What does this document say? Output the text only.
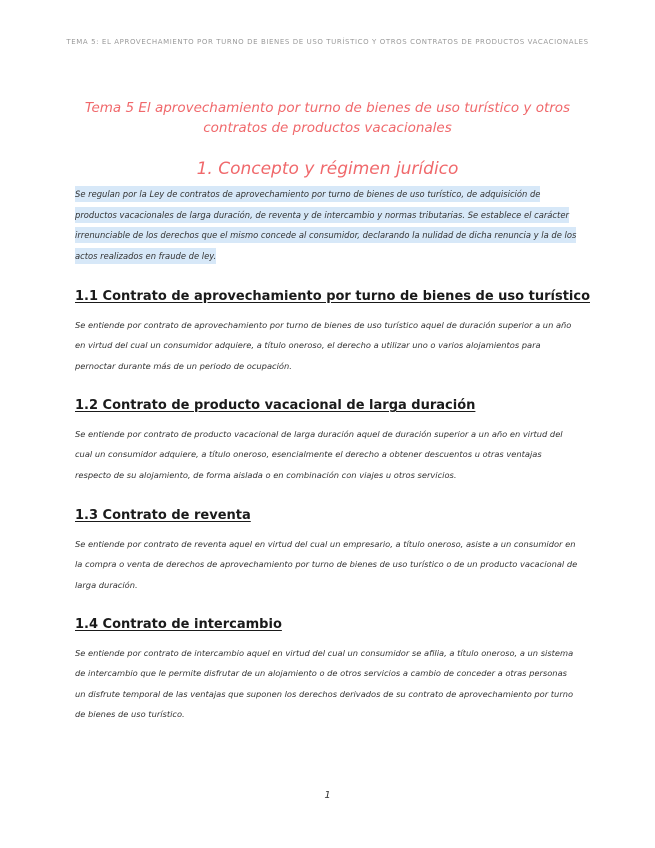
TEMA 5: EL APROVECHAMIENTO POR TURNO DE BIENES DE USO TURÍSTICO Y OTROS CONTRATOS DE PRODUCTOS VACACIONALES
Tema 5 El aprovechamiento por turno de bienes de uso turístico y otros contratos de productos vacacionales
1. Concepto y régimen jurídico

Se regulan por la Ley de contratos de aprovechamiento por turno de bienes de uso turístico, de adquisición de productos vacacionales de larga duración, de reventa y de intercambio y normas tributarias. Se establece el carácter irrenunciable de los derechos que el mismo concede al consumidor, declarando la nulidad de dicha renuncia y la de los actos realizados en fraude de ley.

1.1 Contrato de aprovechamiento por turno de bienes de uso turístico

Se entiende por contrato de aprovechamiento por turno de bienes de uso turístico aquel de duración superior a un año en virtud del cual un consumidor adquiere, a título oneroso, el derecho a utilizar uno o varios alojamientos para pernoctar durante más de un periodo de ocupación.

1.2 Contrato de producto vacacional de larga duración

Se entiende por contrato de producto vacacional de larga duración aquel de duración superior a un año en virtud del cual un consumidor adquiere, a título oneroso, esencialmente el derecho a obtener descuentos u otras ventajas respecto de su alojamiento, de forma aislada o en combinación con viajes u otros servicios.

1.3 Contrato de reventa

Se entiende por contrato de reventa aquel en virtud del cual un empresario, a título oneroso, asiste a un consumidor en la compra o venta de derechos de aprovechamiento por turno de bienes de uso turístico o de un producto vacacional de larga duración.

1.4 Contrato de intercambio

Se entiende por contrato de intercambio aquel en virtud del cual un consumidor se afilia, a título oneroso, a un sistema de intercambio que le permite disfrutar de un alojamiento o de otros servicios a cambio de conceder a otras personas un disfrute temporal de las ventajas que suponen los derechos derivados de su contrato de aprovechamiento por turno de bienes de uso turístico.

1
